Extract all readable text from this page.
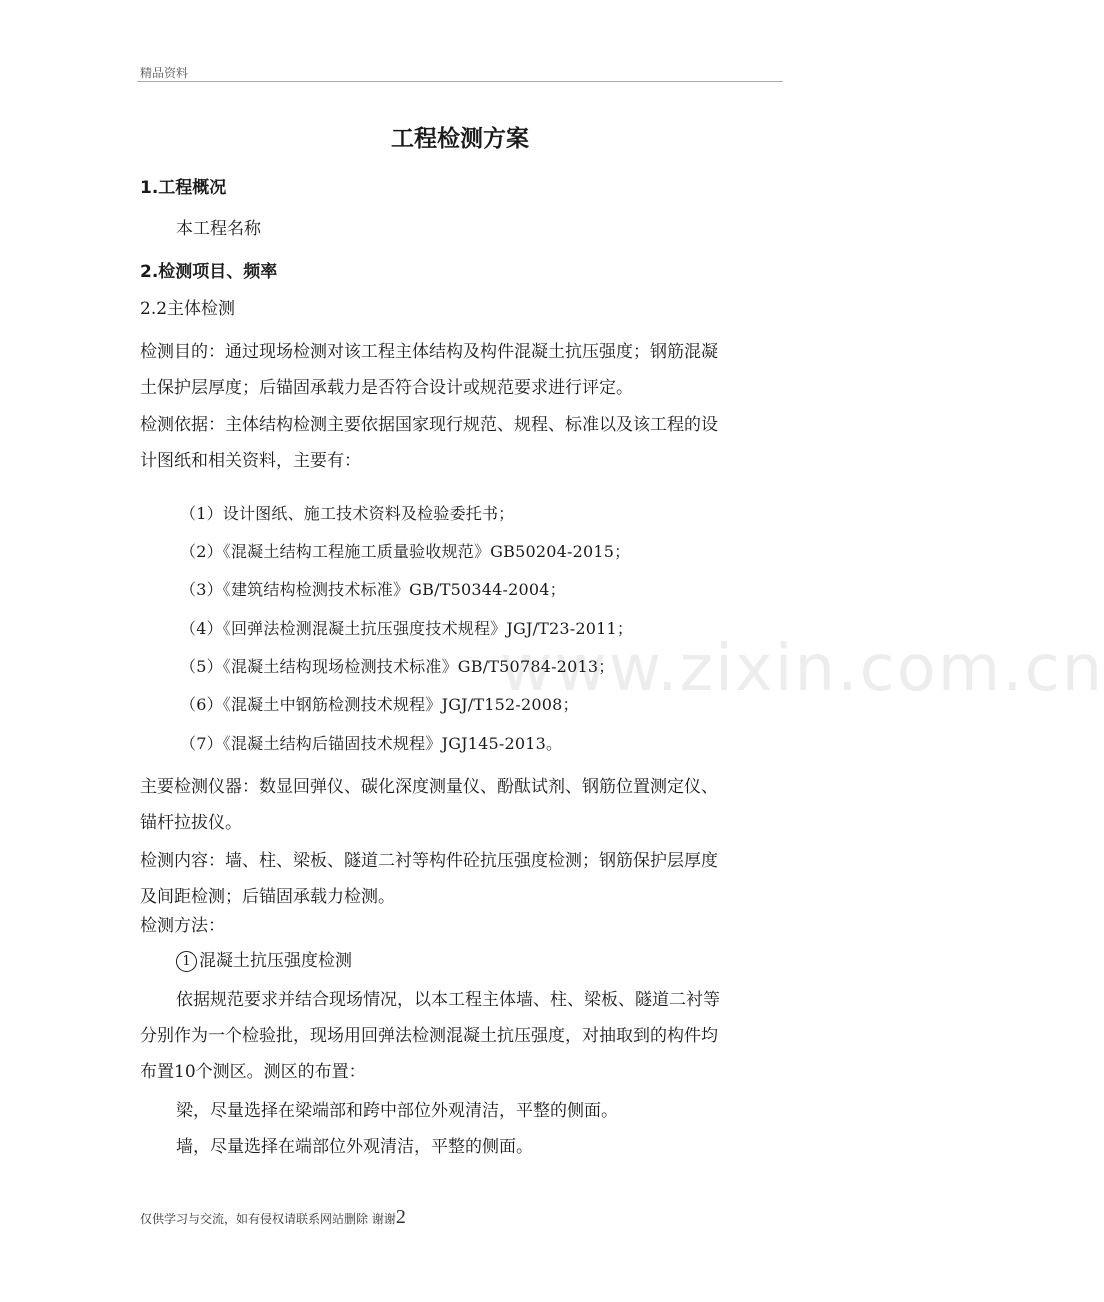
精品资料
www.zixin.com.cn
工程检测方案
1.工程概况
本工程名称
2.检测项目、频率
2.2主体检测
检测目的：通过现场检测对该工程主体结构及构件混凝土抗压强度；钢筋混凝
土保护层厚度；后锚固承载力是否符合设计或规范要求进行评定。
检测依据：主体结构检测主要依据国家现行规范、规程、标准以及该工程的设
计图纸和相关资料，主要有：
（1）设计图纸、施工技术资料及检验委托书；
（2）《混凝土结构工程施工质量验收规范》GB50204-2015；
（3）《建筑结构检测技术标准》GB/T50344-2004；
（4）《回弹法检测混凝土抗压强度技术规程》JGJ/T23-2011；
（5）《混凝土结构现场检测技术标准》GB/T50784-2013；
（6）《混凝土中钢筋检测技术规程》JGJ/T152-2008；
（7）《混凝土结构后锚固技术规程》JGJ145-2013。
主要检测仪器：数显回弹仪、碳化深度测量仪、酚酞试剂、钢筋位置测定仪、
锚杆拉拔仪。
检测内容：墙、柱、梁板、隧道二衬等构件砼抗压强度检测；钢筋保护层厚度
及间距检测；后锚固承载力检测。
检测方法：
1 混凝土抗压强度检测
依据规范要求并结合现场情况，以本工程主体墙、柱、梁板、隧道二衬等
分别作为一个检验批，现场用回弹法检测混凝土抗压强度，对抽取到的构件均
布置10个测区。测区的布置：
梁，尽量选择在梁端部和跨中部位外观清洁，平整的侧面。
墙，尽量选择在端部位外观清洁，平整的侧面。
仅供学习与交流，如有侵权请联系网站删除 谢谢2
